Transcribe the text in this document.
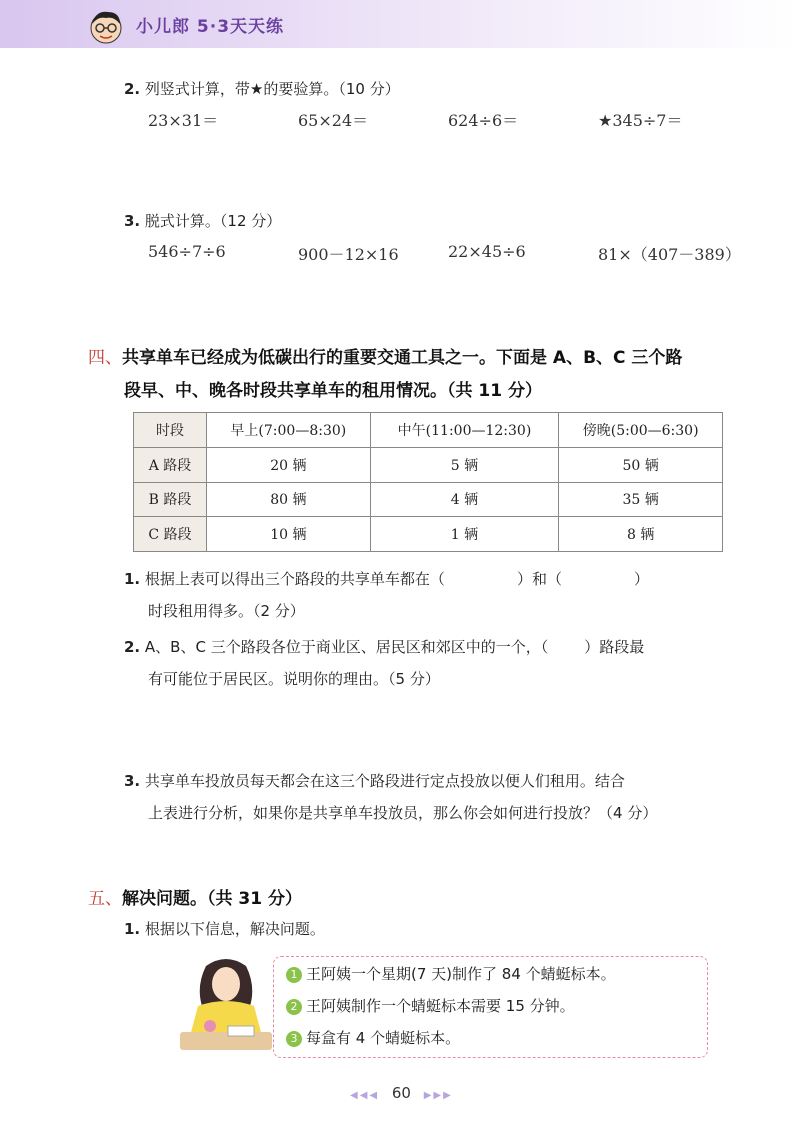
小儿郎 5·3天天练
2. 列竖式计算，带★的要验算。（10 分）
23×31＝	65×24＝	624÷6＝	★345÷7＝
3. 脱式计算。（12 分）
546÷7÷6	900－12×16	22×45÷6	81×（407－389）
四、共享单车已经成为低碳出行的重要交通工具之一。下面是 A、B、C 三个路
段早、中、晚各时段共享单车的租用情况。（共 11 分）
时段	早上(7:00—8:30)	中午(11:00—12:30)	傍晚(5:00—6:30)
A 路段	20 辆	5 辆	50 辆
B 路段	80 辆	4 辆	35 辆
C 路段	10 辆	1 辆	8 辆
1. 根据上表可以得出三个路段的共享单车都在（	）和（	）
时段租用得多。（2 分）
2. A、B、C 三个路段各位于商业区、居民区和郊区中的一个，（ ）路段最
有可能位于居民区。说明你的理由。（5 分）
3. 共享单车投放员每天都会在这三个路段进行定点投放以便人们租用。结合
上表进行分析，如果你是共享单车投放员，那么你会如何进行投放？（4 分）
五、解决问题。（共 31 分）
1. 根据以下信息，解决问题。
1 王阿姨一个星期(7 天)制作了 84 个蜻蜓标本。
2 王阿姨制作一个蜻蜓标本需要 15 分钟。
3 每盒有 4 个蜻蜓标本。
◀◀◀ 60 ▶▶▶
